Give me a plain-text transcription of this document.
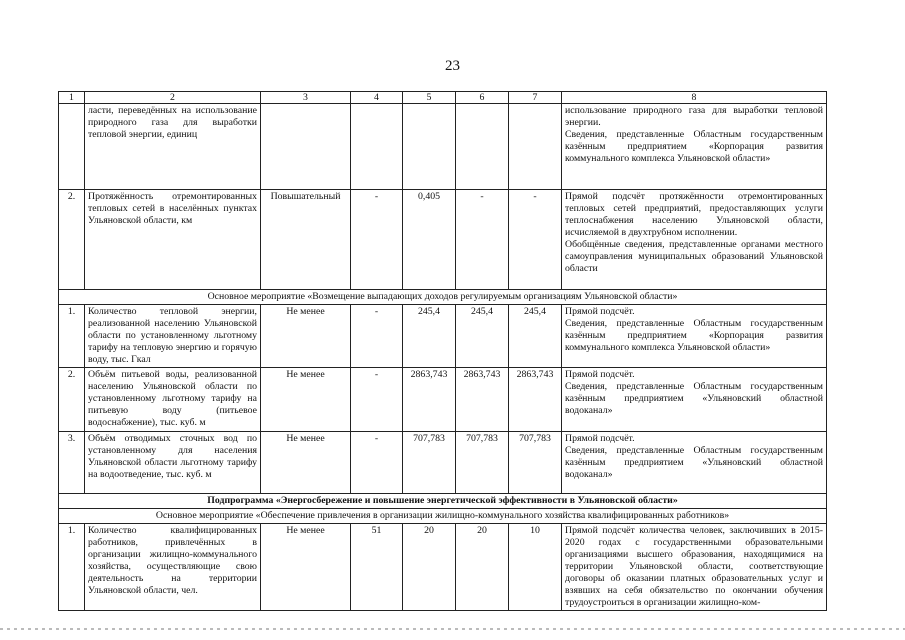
23
1	2	3	4	5	6	7	8
	ласти, переведённых на использование природного газа для выработки тепловой энергии, единиц						использование природного газа для выработки тепловой энергии.

Сведения, представленные Областным государственным казённым предприятием «Корпорация развития коммунального комплекса Ульяновской области»

2.	Протяжённость отремонтированных тепловых сетей в населённых пунктах Ульяновской области, км	Повышательный	-	0,405	-	-	Прямой подсчёт протяжённости отремонтированных тепловых сетей предприятий, предоставляющих услуги теплоснабжения населению Ульяновской области, исчисляемой в двухтрубном исполнении.

Обобщённые сведения, представленные органами местного самоуправления муниципальных образований Ульяновской области

Основное мероприятие «Возмещение выпадающих доходов регулируемым организациям Ульяновской области»							
1.	Количество тепловой энергии, реализованной населению Ульяновской области по установленному льготному тарифу на тепловую энергию и горячую воду, тыс. Гкал	Не менее	-	245,4	245,4	245,4	Прямой подсчёт.

Сведения, представленные Областным государственным казённым предприятием «Корпорация развития коммунального комплекса Ульяновской области»

2.	Объём питьевой воды, реализованной населению Ульяновской области по установленному льготному тарифу на питьевую воду (питьевое водоснабжение), тыс. куб. м	Не менее	-	2863,743	2863,743	2863,743	Прямой подсчёт.

Сведения, представленные Областным государственным казённым предприятием «Ульяновский областной водоканал»

3.	Объём отводимых сточных вод по установленному для населения Ульяновской области льготному тарифу на водоотведение, тыс. куб. м	Не менее	-	707,783	707,783	707,783	Прямой подсчёт.

Сведения, представленные Областным государственным казённым предприятием «Ульяновский областной водоканал»

Подпрограмма «Энергосбережение и повышение энергетической эффективности в Ульяновской области»							
Основное мероприятие «Обеспечение привлечения в организации жилищно-коммунального хозяйства квалифицированных работников»							
1.	Количество квалифицированных работников, привлечённых в организации жилищно-коммунального хозяйства, осуществляющие свою деятельность на территории Ульяновской области, чел.	Не менее	51	20	20	10	Прямой подсчёт количества человек, заключивших в 2015-2020 годах с государственными образовательными организациями высшего образования, находящимися на территории Ульяновской области, соответствующие договоры об оказании платных образовательных услуг и взявших на себя обязательство по окончании обучения трудоустроиться в организации жилищно-ком-
